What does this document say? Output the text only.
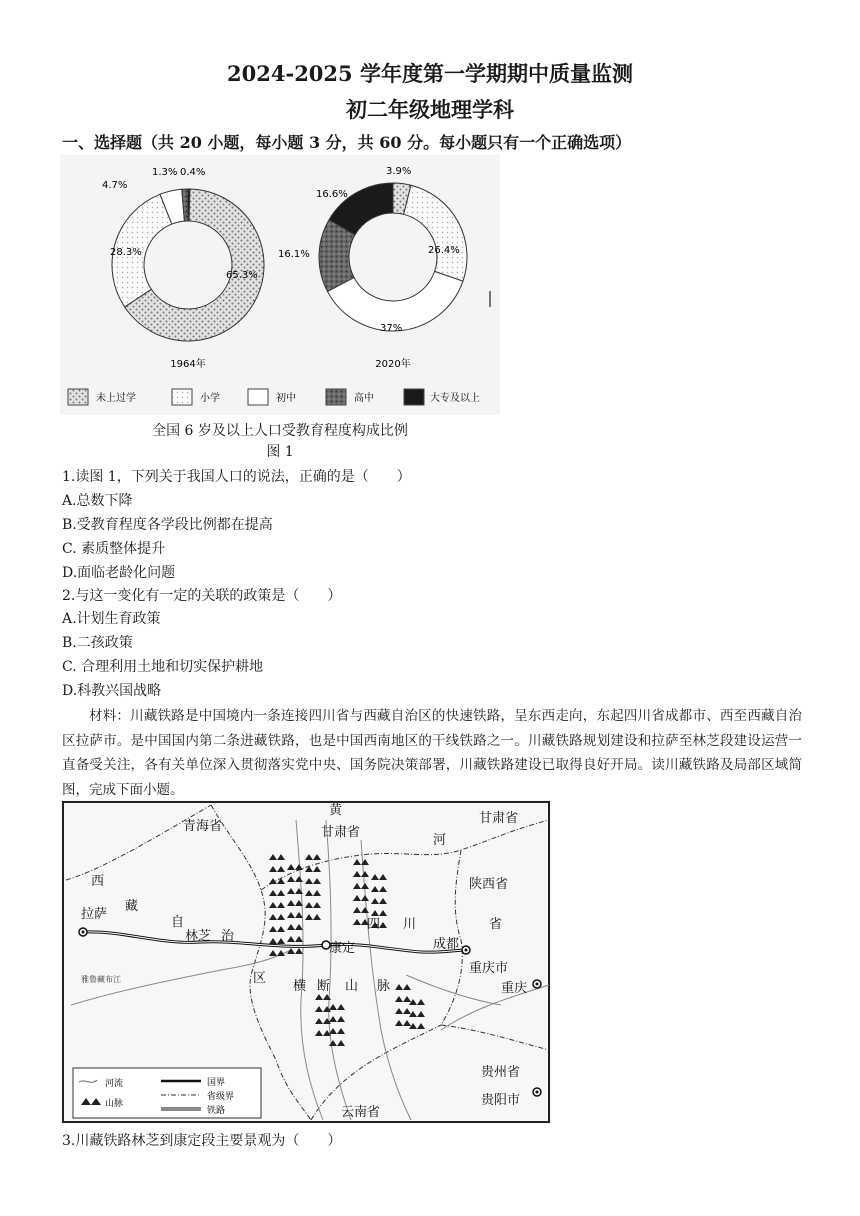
2024-2025 学年度第一学期期中质量监测
初二年级地理学科
一、选择题（共 20 小题，每小题 3 分，共 60 分。每小题只有一个正确选项）
1964年	2020年
4.7%
1.3% 0.4%
28.3%
65.3%
3.9%
16.6%
16.1%	26.4%
37%
未上过学	小学	初中	高中	大专及以上
全国 6 岁及以上人口受教育程度构成比例
图 1
1.读图 1，下列关于我国人口的说法，正确的是（　　）
A.总数下降
B.受教育程度各学段比例都在提高
C. 素质整体提升
D.面临老龄化问题
2.与这一变化有一定的关联的政策是（　　）
A.计划生育政策
B.二孩政策
C. 合理利用土地和切实保护耕地
D.科教兴国战略
材料：川藏铁路是中国境内一条连接四川省与西藏自治区的快速铁路，呈东西走向，东起四川省成都市、西至西藏自治区拉萨市。是中国国内第二条进藏铁路，也是中国西南地区的干线铁路之一。川藏铁路规划建设和拉萨至林芝段建设运营一直备受关注，各有关单位深入贯彻落实党中央、国务院决策部署，川藏铁路建设已取得良好开局。读川藏铁路及局部区域简图，完成下面小题。
青海省
黄
甘肃省
甘肃省
河
西
藏
自
治
区
拉萨
林芝
康定
四 川	省
成都
陕西省
重庆市
重庆
贵州省
贵阳市
云南省
横 断 山 脉
雅鲁藏布江
河流
山脉
国界
省级界
铁路
3.川藏铁路林芝到康定段主要景观为（　　）
